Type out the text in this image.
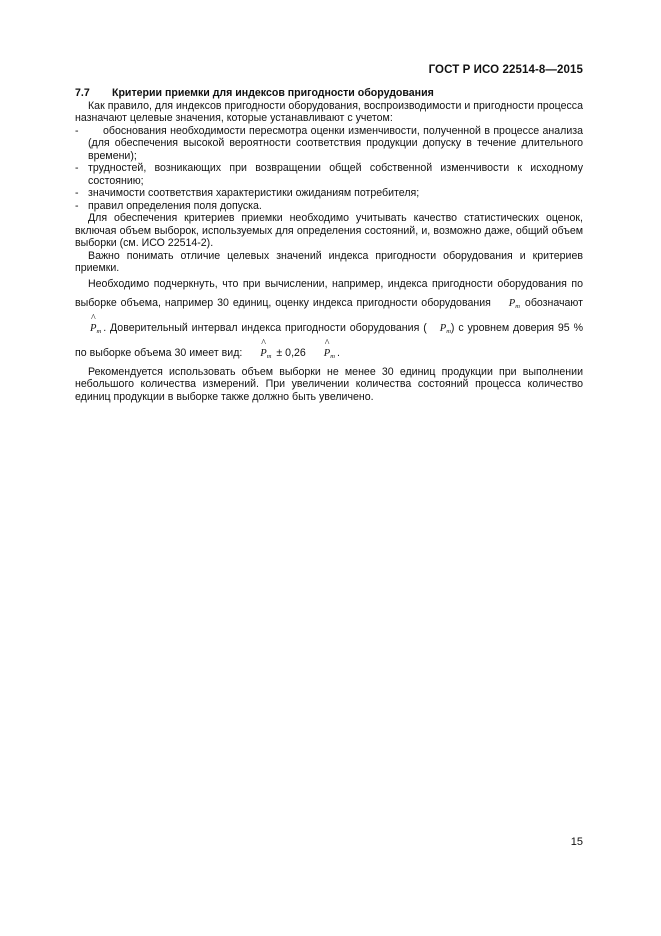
ГОСТ Р ИСО 22514-8—2015

7.7 Критерии приемки для индексов пригодности оборудования

Как правило, для индексов пригодности оборудования, воспроизводимости и пригодности процесса назначают целевые значения, которые устанавливают с учетом:

-	обоснования необходимости пересмотра оценки изменчивости, полученной в процессе анализа (для обеспечения высокой вероятности соответствия продукции допуску в течение длительного времени);
- трудностей, возникающих при возвращении общей собственной изменчивости к исходному состоянию;
- значимости соответствия характеристики ожиданиям потребителя;
- правил определения поля допуска.

Для обеспечения критериев приемки необходимо учитывать качество статистических оценок, включая объем выборок, используемых для определения состояний, и, возможно даже, общий объем выборки (см. ИСО 22514-2).

Важно понимать отличие целевых значений индекса пригодности оборудования и критериев приемки.

Необходимо подчеркнуть, что при вычислении, например, индекса пригодности оборудования по выборке объема, например 30 единиц, оценку индекса пригодности оборудования $P_m$ обозначают
^
$P_m$ . Доверительный интервал индекса пригодности оборудования ( $P_m$) с уровнем доверия 95 % по выборке объема 30 имеет вид:
^
$P_m \pm 0,26$
^
$P_m$ .

Рекомендуется использовать объем выборки не менее 30 единиц продукции при выполнении небольшого количества измерений. При увеличении количества состояний процесса количество единиц продукции в выборке также должно быть увеличено.

15
